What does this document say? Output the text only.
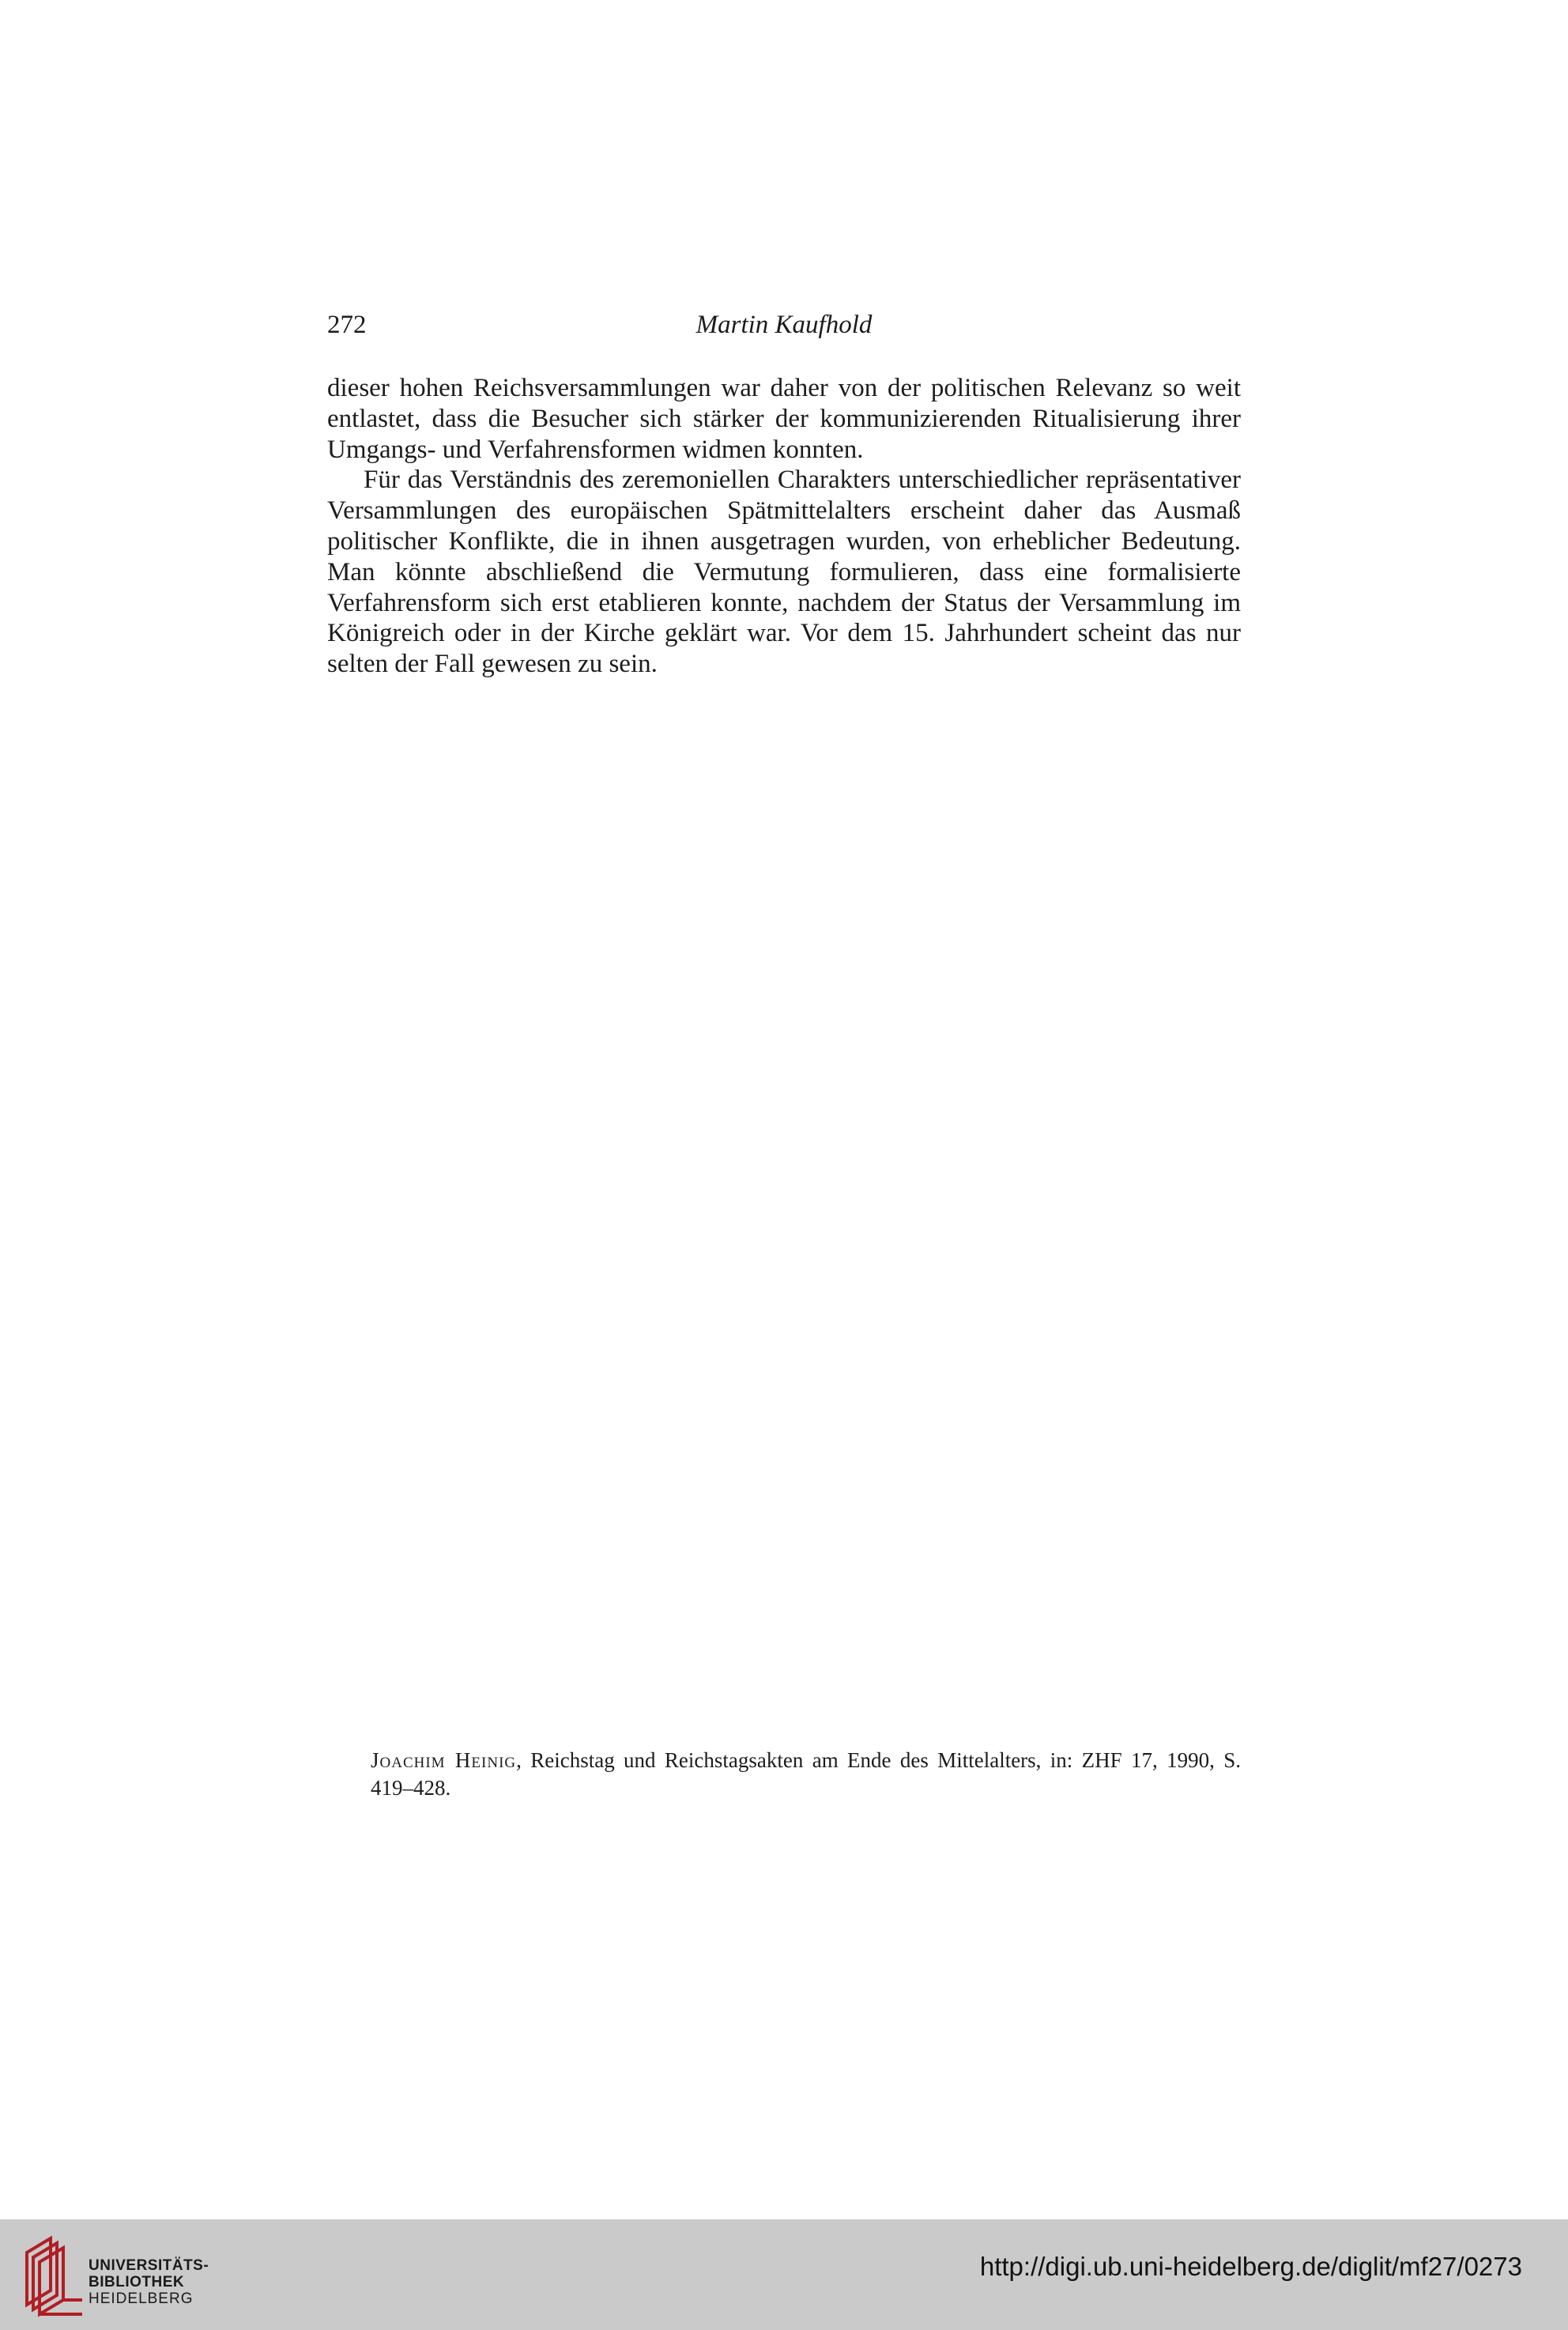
272	Martin Kaufhold

dieser hohen Reichsversammlungen war daher von der politischen Relevanz so weit entlastet, dass die Besucher sich stärker der kommunizierenden Ritualisierung ihrer Umgangs- und Verfahrensformen widmen konnten.

Für das Verständnis des zeremoniellen Charakters unterschiedlicher repräsentativer Versammlungen des europäischen Spätmittelalters erscheint daher das Ausmaß politischer Konflikte, die in ihnen ausgetragen wurden, von erheblicher Bedeutung. Man könnte abschließend die Vermutung formulieren, dass eine formalisierte Verfahrensform sich erst etablieren konnte, nachdem der Status der Versammlung im Königreich oder in der Kirche geklärt war. Vor dem 15. Jahrhundert scheint das nur selten der Fall gewesen zu sein.

Joachim Heinig, Reichstag und Reichstagsakten am Ende des Mittelalters, in: ZHF 17, 1990, S. 419–428.
UNIVERSITÄTS-
BIBLIOTHEK
HEIDELBERG
http://digi.ub.uni-heidelberg.de/diglit/mf27/0273
